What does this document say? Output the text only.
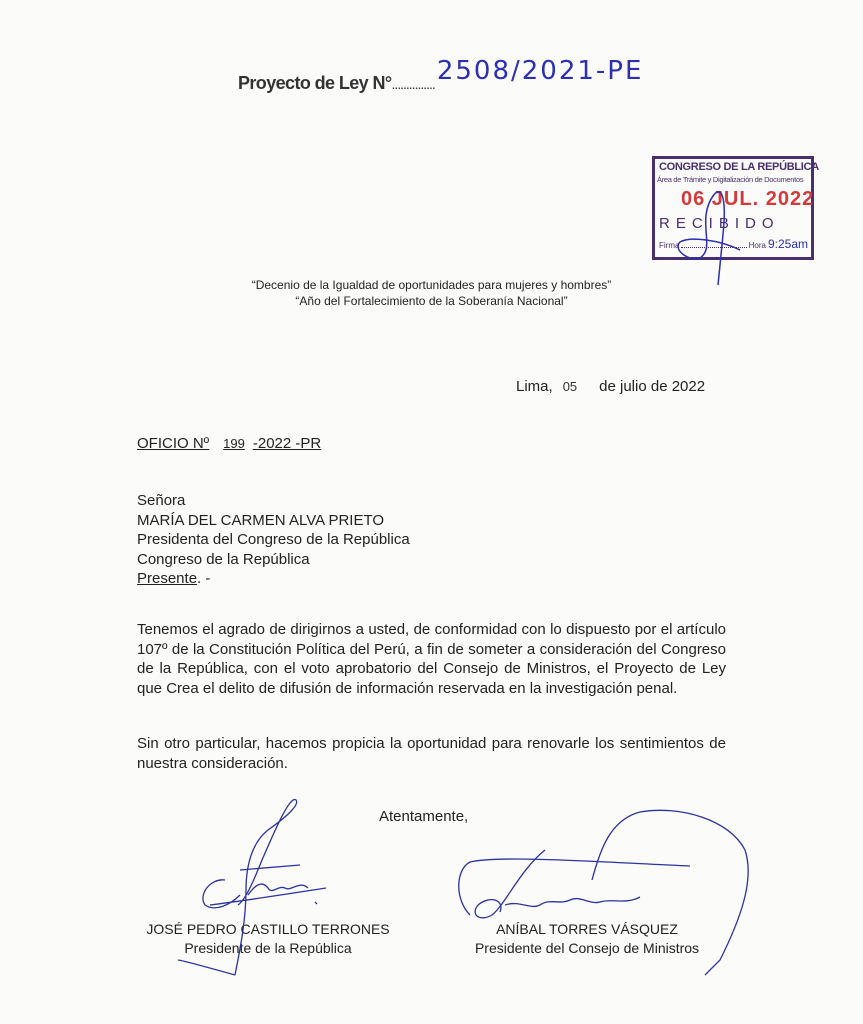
Proyecto de Ley N° ............... 2508/2021-PE
CONGRESO DE LA REPÚBLICA
Área de Trámite y Digitalización de Documentos
06 JUL. 2022
RECIBIDO
Firma	Hora 9:25am
“Decenio de la Igualdad de oportunidades para mujeres y hombres”
“Año del Fortalecimiento de la Soberanía Nacional”
Lima, 05 de julio de 2022
OFICIO Nº 199 -2022 -PR
Señora
MARÍA DEL CARMEN ALVA PRIETO
Presidenta del Congreso de la República
Congreso de la República
Presente. -
Tenemos el agrado de dirigirnos a usted, de conformidad con lo dispuesto por el artículo 107º de la Constitución Política del Perú, a fin de someter a consideración del Congreso de la República, con el voto aprobatorio del Consejo de Ministros, el Proyecto de Ley que Crea el delito de difusión de información reservada en la investigación penal.
Sin otro particular, hacemos propicia la oportunidad para renovarle los sentimientos de nuestra consideración.
Atentamente,
JOSÉ PEDRO CASTILLO TERRONES
Presidente de la República
ANÍBAL TORRES VÁSQUEZ
Presidente del Consejo de Ministros
